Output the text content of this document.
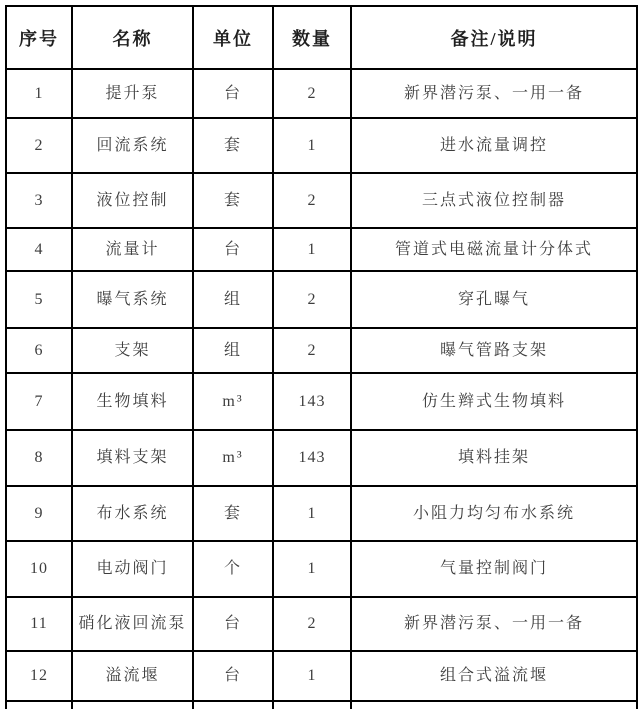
序号	名称	单位	数量	备注/说明
1	提升泵	台	2	新界潜污泵、一用一备
2	回流系统	套	1	进水流量调控
3	液位控制	套	2	三点式液位控制器
4	流量计	台	1	管道式电磁流量计分体式
5	曝气系统	组	2	穿孔曝气
6	支架	组	2	曝气管路支架
7	生物填料	m³	143	仿生辫式生物填料
8	填料支架	m³	143	填料挂架
9	布水系统	套	1	小阻力均匀布水系统
10	电动阀门	个	1	气量控制阀门
11	硝化液回流泵	台	2	新界潜污泵、一用一备
12	溢流堰	台	1	组合式溢流堰
